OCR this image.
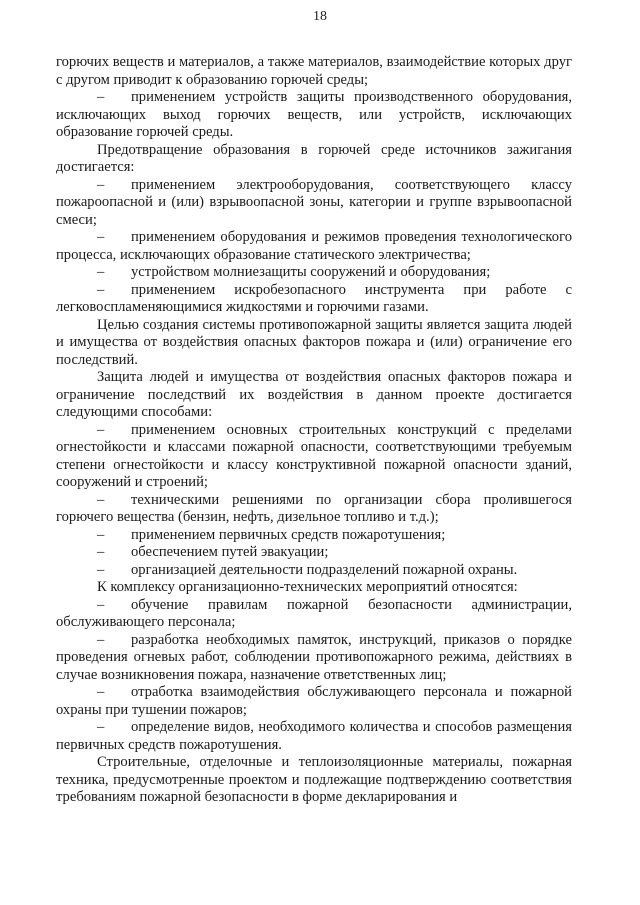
18

горючих веществ и материалов, а также материалов, взаимодействие которых друг с другом приводит к образованию горючей среды;

– применением устройств защиты производственного оборудования, исключающих выход горючих веществ, или устройств, исключающих образование горючей среды.

Предотвращение образования в горючей среде источников зажигания достигается:

– применением электрооборудования, соответствующего классу пожароопасной и (или) взрывоопасной зоны, категории и группе взрывоопасной смеси;

– применением оборудования и режимов проведения технологического процесса, исключающих образование статического электричества;

– устройством молниезащиты сооружений и оборудования;

– применением искробезопасного инструмента при работе с легковоспламеняющимися жидкостями и горючими газами.

Целью создания системы противопожарной защиты является защита людей и имущества от воздействия опасных факторов пожара и (или) ограничение его последствий.

Защита людей и имущества от воздействия опасных факторов пожара и ограничение последствий их воздействия в данном проекте достигается следующими способами:

– применением основных строительных конструкций с пределами огнестойкости и классами пожарной опасности, соответствующими требуемым степени огнестойкости и классу конструктивной пожарной опасности зданий, сооружений и строений;

– техническими решениями по организации сбора пролившегося горючего вещества (бензин, нефть, дизельное топливо и т.д.);

– применением первичных средств пожаротушения;

– обеспечением путей эвакуации;

– организацией деятельности подразделений пожарной охраны.

К комплексу организационно-технических мероприятий относятся:

– обучение правилам пожарной безопасности администрации, обслуживающего персонала;

– разработка необходимых памяток, инструкций, приказов о порядке проведения огневых работ, соблюдении противопожарного режима, действиях в случае возникновения пожара, назначение ответственных лиц;

– отработка взаимодействия обслуживающего персонала и пожарной охраны при тушении пожаров;

– определение видов, необходимого количества и способов размещения первичных средств пожаротушения.

Строительные, отделочные и теплоизоляционные материалы, пожарная техника, предусмотренные проектом и подлежащие подтверждению соответствия требованиям пожарной безопасности в форме декларирования и
